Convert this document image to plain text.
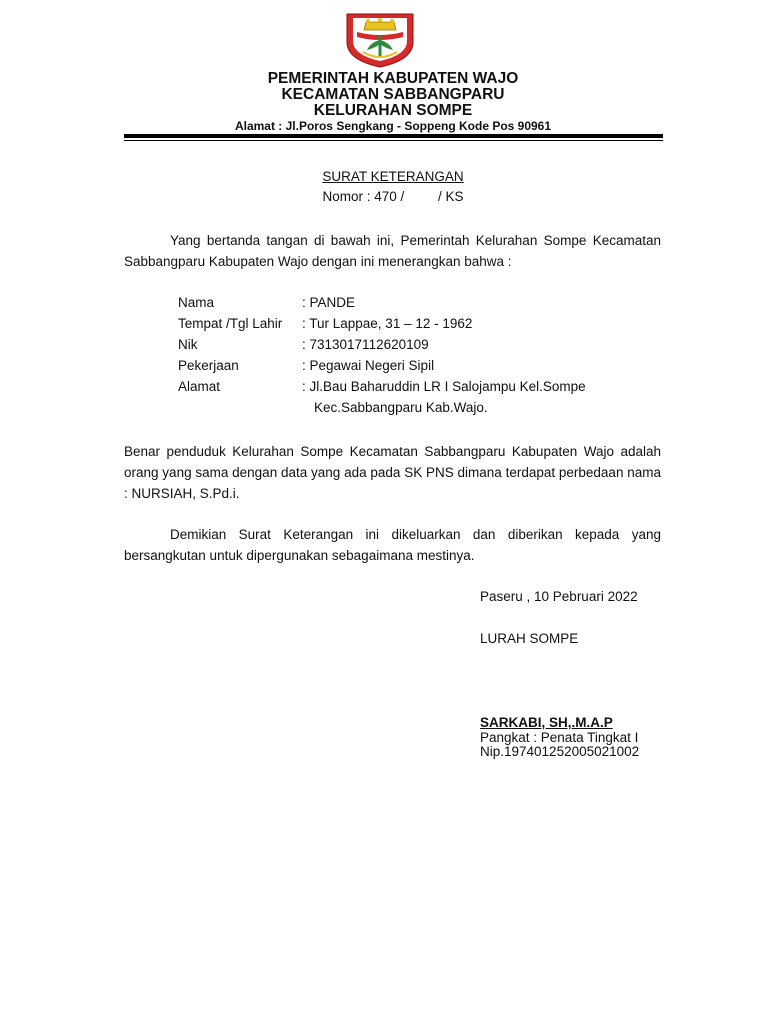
PEMERINTAH KABUPATEN WAJO
KECAMATAN SABBANGPARU
KELURAHAN SOMPE
Alamat : Jl.Poros Sengkang - Soppeng Kode Pos 90961
SURAT KETERANGAN
Nomor : 470 /         / KS
Yang bertanda tangan di bawah ini, Pemerintah Kelurahan Sompe Kecamatan Sabbangparu Kabupaten Wajo dengan ini menerangkan bahwa :
Nama	: PANDE
Tempat /Tgl Lahir : Tur Lappae, 31 – 12 - 1962
Nik	: 7313017112620109
Pekerjaan	: Pegawai Negeri Sipil
Alamat	: Jl.Bau Baharuddin LR I Salojampu Kel.Sompe
Kec.Sabbangparu Kab.Wajo.
Benar penduduk Kelurahan Sompe Kecamatan Sabbangparu Kabupaten Wajo adalah orang yang sama dengan data yang ada pada SK PNS dimana terdapat perbedaan nama : NURSIAH, S.Pd.i.
Demikian Surat Keterangan ini dikeluarkan dan diberikan kepada yang bersangkutan untuk dipergunakan sebagaimana mestinya.
Paseru , 10 Pebruari 2022
LURAH SOMPE
SARKABI, SH,.M.A.P
Pangkat : Penata Tingkat I
Nip.197401252005021002
